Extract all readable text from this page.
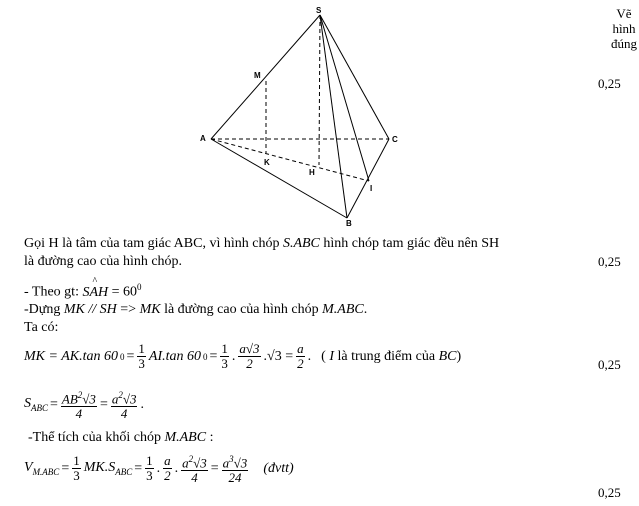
Vẽ
hình
đúng
0,25
0,25
0,25
0,25
S
M
A	C
K
H
I
B
Gọi H là tâm của tam giác ABC, vì hình chóp S.ABC hình chóp tam giác đều nên SH
là đường cao của hình chóp.
- Theo gt:
^
SAH = $60^0$
-Dựng MK // SH => MK là đường cao của hình chóp M.ABC.
Ta có:
MK = AK.tan 60 $0 = \frac{1}{3} AI.\tan$ 60 $0 = \frac{1}{3}$ . $\frac{a√3}{2} .√3 = \frac{a}{2}$ . ( I là trung điểm của BC)
$S_{ABC} = \frac{AB^2√3}{4} = \frac{a^2√3}{4}$ .
-Thể tích của khối chóp M.ABC :
$V_{M.ABC} = \frac{1}{3} MK.S_{ABC} = \frac{1}{3}$ . $\frac{a}{2}$ . $\frac{a^2√3}{4} = \frac{a^3√3}{24}$ (đvtt)
